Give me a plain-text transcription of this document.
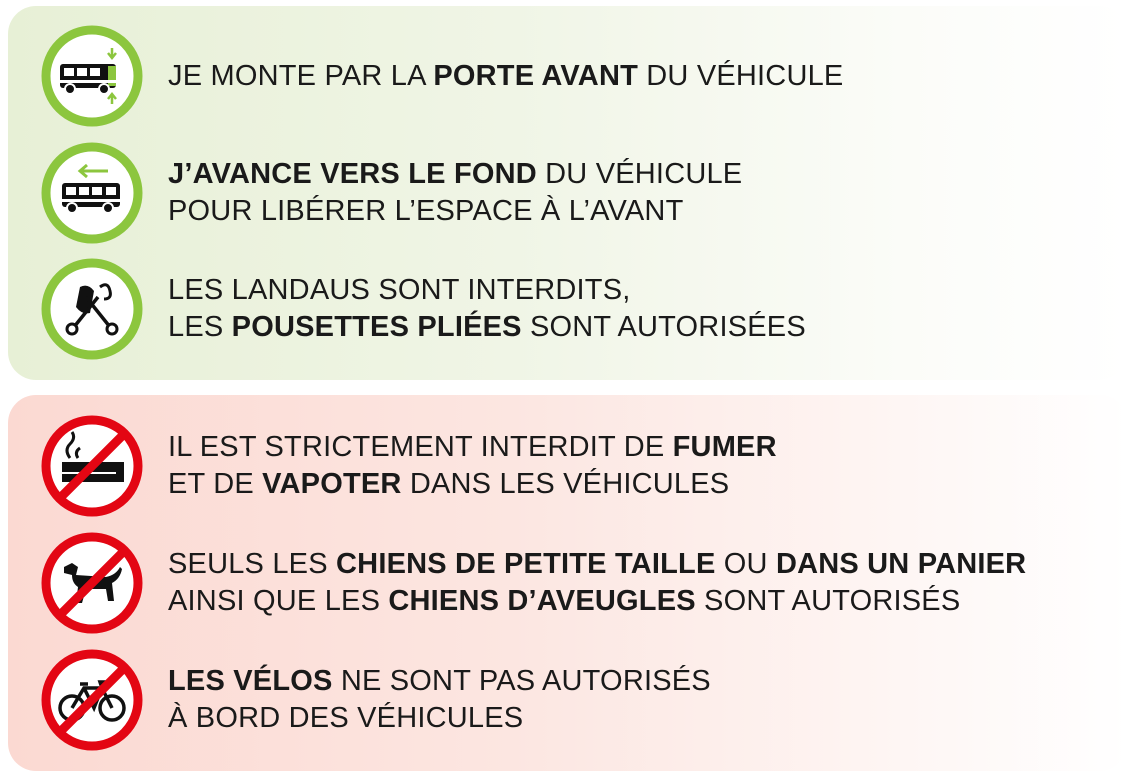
JE MONTE PAR LA PORTE AVANT DU VÉHICULE
J’AVANCE VERS LE FOND DU VÉHICULE
POUR LIBÉRER L’ESPACE À L’AVANT
LES LANDAUS SONT INTERDITS,
LES POUSETTES PLIÉES SONT AUTORISÉES
IL EST STRICTEMENT INTERDIT DE FUMER
ET DE VAPOTER DANS LES VÉHICULES
SEULS LES CHIENS DE PETITE TAILLE OU DANS UN PANIER
AINSI QUE LES CHIENS D’AVEUGLES SONT AUTORISÉS
LES VÉLOS NE SONT PAS AUTORISÉS
À BORD DES VÉHICULES
